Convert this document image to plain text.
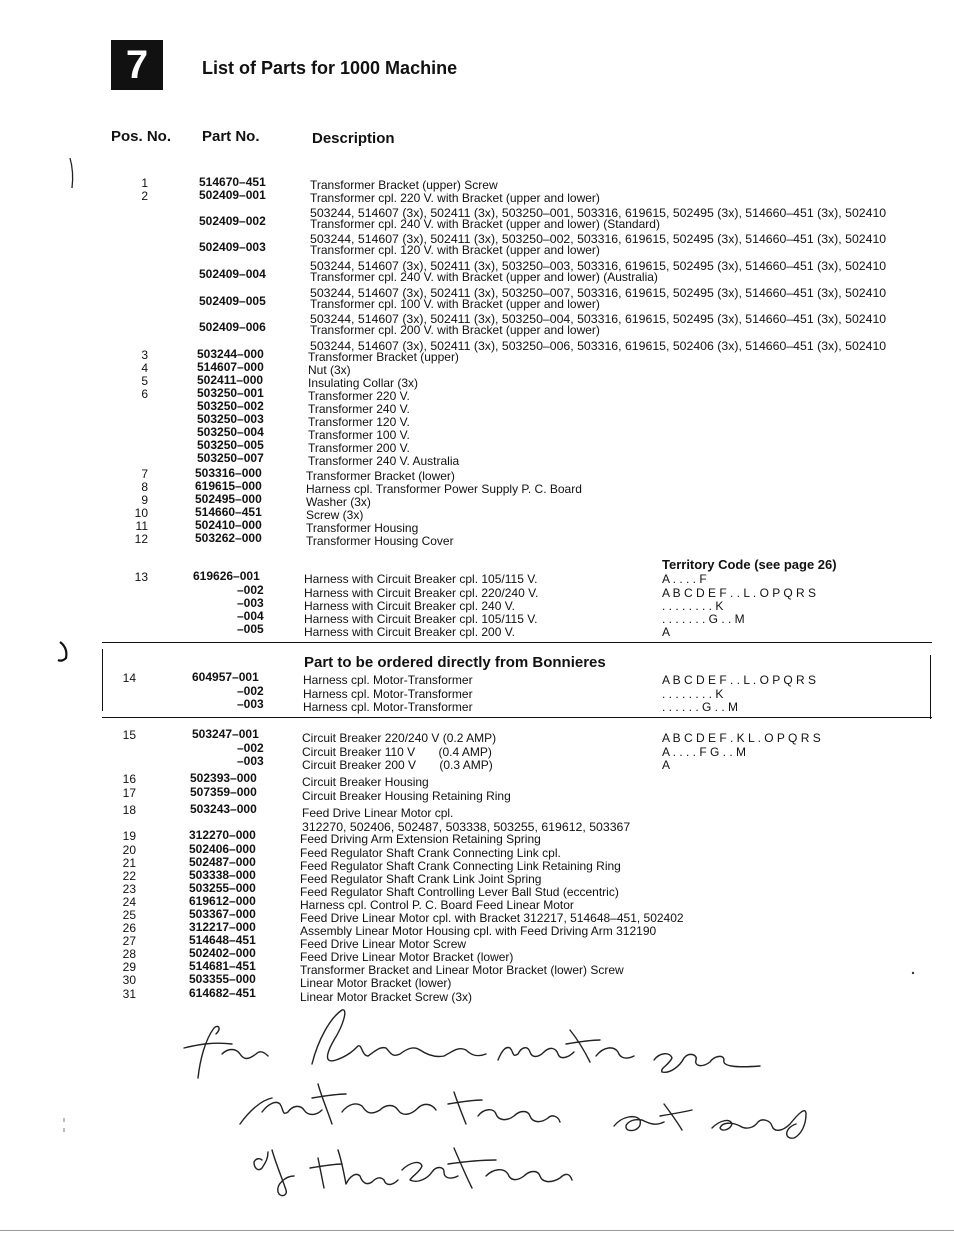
7	List of Parts for 1000 Machine
Pos. No. Part No.	Description
1	514670–451	Transformer Bracket (upper) Screw
2	502409–001	Transformer cpl. 220 V. with Bracket (upper and lower)
503244, 514607 (3x), 502411 (3x), 503250–001, 503316, 619615, 502495 (3x), 514660–451 (3x), 502410
502409–002	Transformer cpl. 240 V. with Bracket (upper and lower) (Standard)
503244, 514607 (3x), 502411 (3x), 503250–002, 503316, 619615, 502495 (3x), 514660–451 (3x), 502410
502409–003	Transformer cpl. 120 V. with Bracket (upper and lower)
503244, 514607 (3x), 502411 (3x), 503250–003, 503316, 619615, 502495 (3x), 514660–451 (3x), 502410
502409–004	Transformer cpl. 240 V. with Bracket (upper and lower) (Australia)
503244, 514607 (3x), 502411 (3x), 503250–007, 503316, 619615, 502495 (3x), 514660–451 (3x), 502410
502409–005	Transformer cpl. 100 V. with Bracket (upper and lower)
503244, 514607 (3x), 502411 (3x), 503250–004, 503316, 619615, 502495 (3x), 514660–451 (3x), 502410
502409–006	Transformer cpl. 200 V. with Bracket (upper and lower)
503244, 514607 (3x), 502411 (3x), 503250–006, 503316, 619615, 502406 (3x), 514660–451 (3x), 502410
3	503244–000	Transformer Bracket (upper)
4	514607–000	Nut (3x)
5	502411–000	Insulating Collar (3x)
6	503250–001	Transformer 220 V.
503250–002	Transformer 240 V.
503250–003	Transformer 120 V.
503250–004	Transformer 100 V.
503250–005	Transformer 200 V.
503250–007	Transformer 240 V. Australia
7	503316–000	Transformer Bracket (lower)
8	619615–000	Harness cpl. Transformer Power Supply P. C. Board
9	502495–000	Washer (3x)
10	514660–451	Screw (3x)
11	502410–000	Transformer Housing
12	503262–000	Transformer Housing Cover
13	619626–001	Harness with Circuit Breaker cpl. 105/115 V.	A . . . . F
–002	Harness with Circuit Breaker cpl. 220/240 V.	A B C D E F . . L . O P Q R S
–003	Harness with Circuit Breaker cpl. 240 V.	. . . . . . . . K
–004	Harness with Circuit Breaker cpl. 105/115 V.	. . . . . . . G . . M
–005	Harness with Circuit Breaker cpl. 200 V.	A
14	604957–001	Harness cpl. Motor-Transformer	A B C D E F . . L . O P Q R S
–002	Harness cpl. Motor-Transformer	. . . . . . . . K
–003	Harness cpl. Motor-Transformer	. . . . . . G . . M
15	503247–001	Circuit Breaker 220/240 V (0.2 AMP)	A B C D E F . K L . O P Q R S
–002	Circuit Breaker 110 V       (0.4 AMP)	A . . . . F G . . M
–003	Circuit Breaker 200 V       (0.3 AMP)	A
16	502393–000	Circuit Breaker Housing
17	507359–000	Circuit Breaker Housing Retaining Ring
18	503243–000	Feed Drive Linear Motor cpl.
312270, 502406, 502487, 503338, 503255, 619612, 503367
19	312270–000	Feed Driving Arm Extension Retaining Spring
20	502406–000	Feed Regulator Shaft Crank Connecting Link cpl.
21	502487–000	Feed Regulator Shaft Crank Connecting Link Retaining Ring
22	503338–000	Feed Regulator Shaft Crank Link Joint Spring
23	503255–000	Feed Regulator Shaft Controlling Lever Ball Stud (eccentric)
24	619612–000	Harness cpl. Control P. C. Board Feed Linear Motor
25	503367–000	Feed Drive Linear Motor cpl. with Bracket 312217, 514648–451, 502402
26	312217–000	Assembly Linear Motor Housing cpl. with Feed Driving Arm 312190
27	514648–451	Feed Drive Linear Motor Screw
28	502402–000	Feed Drive Linear Motor Bracket (lower)
29	514681–451	Transformer Bracket and Linear Motor Bracket (lower) Screw
30	503355–000	Linear Motor Bracket (lower)
31	614682–451	Linear Motor Bracket Screw (3x)
Territory Code (see page 26)
Part to be ordered directly from Bonnieres
